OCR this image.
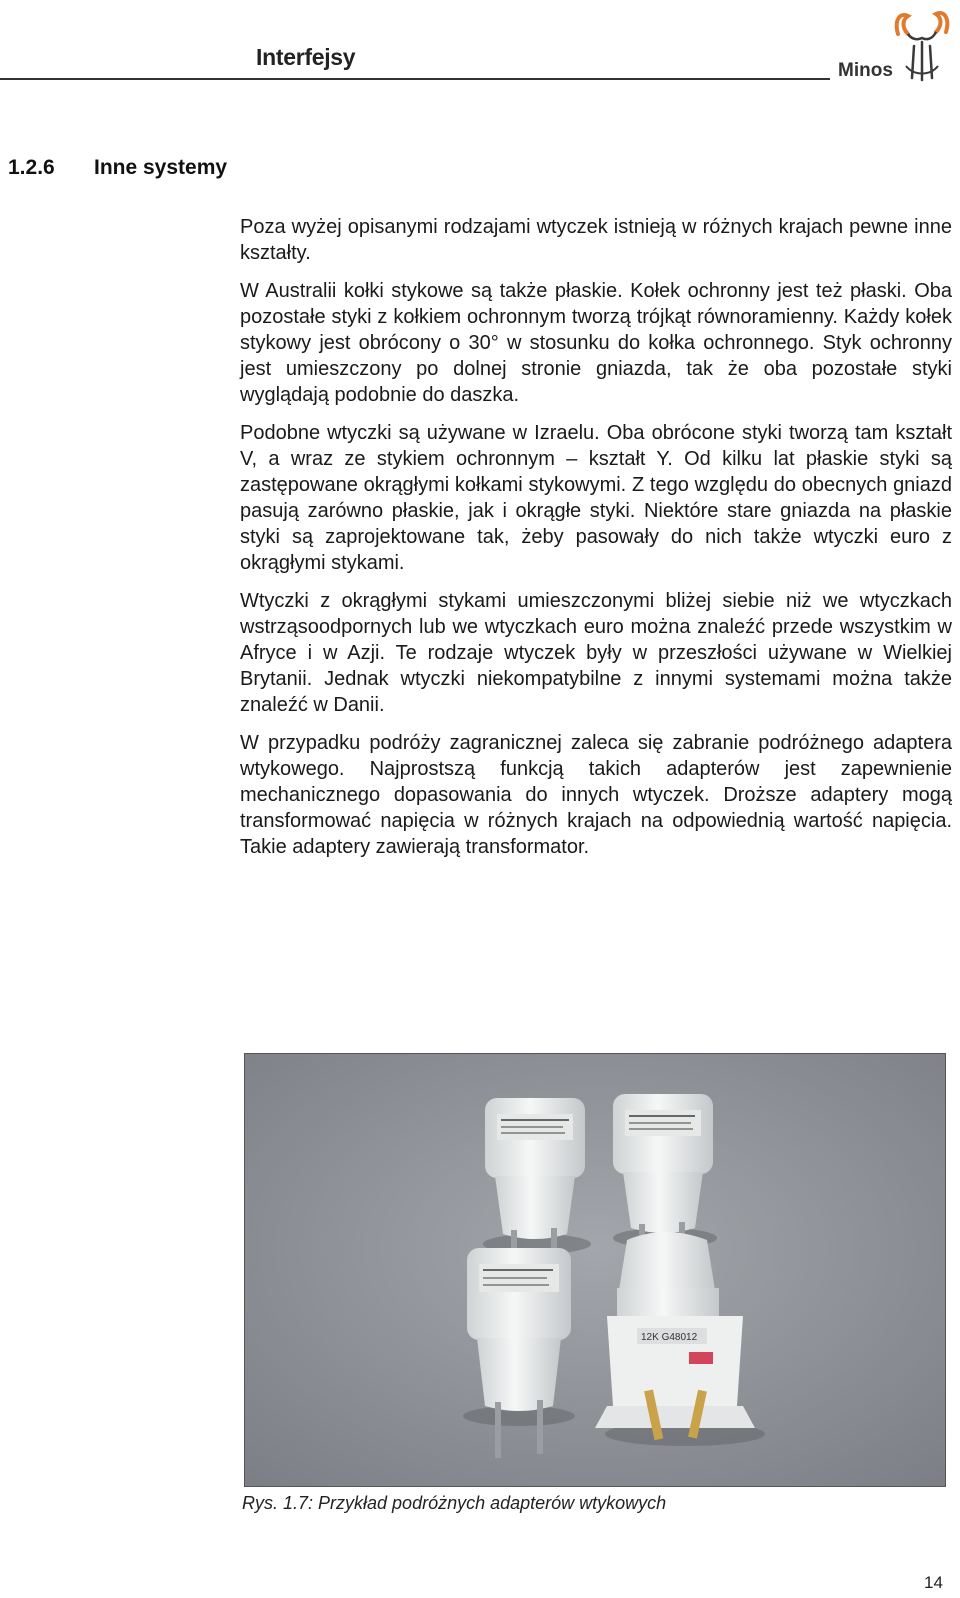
Interfejsy
Minos
1.2.6 Inne systemy

Poza wyżej opisanymi rodzajami wtyczek istnieją w różnych krajach pewne inne kształty.

W Australii kołki stykowe są także płaskie. Kołek ochronny jest też płaski. Oba pozostałe styki z kołkiem ochronnym tworzą trójkąt równoramienny. Każdy kołek stykowy jest obrócony o 30° w stosunku do kołka ochronnego. Styk ochronny jest umieszczony po dolnej stronie gniazda, tak że oba pozostałe styki wyglądają podobnie do daszka.

Podobne wtyczki są używane w Izraelu. Oba obrócone styki tworzą tam kształt V, a wraz ze stykiem ochronnym – kształt Y. Od kilku lat płaskie styki są zastępowane okrągłymi kołkami stykowymi. Z tego względu do obecnych gniazd pasują zarówno płaskie, jak i okrągłe styki. Niektóre stare gniazda na płaskie styki są zaprojektowane tak, żeby pasowały do nich także wtyczki euro z okrągłymi stykami.

Wtyczki z okrągłymi stykami umieszczonymi bliżej siebie niż we wtyczkach wstrząsoodpornych lub we wtyczkach euro można znaleźć przede wszystkim w Afryce i w Azji. Te rodzaje wtyczek były w przeszłości używane w Wielkiej Brytanii. Jednak wtyczki niekompatybilne z innymi systemami można także znaleźć w Danii.

W przypadku podróży zagranicznej zaleca się zabranie podróżnego adaptera wtykowego. Najprostszą funkcją takich adapterów jest zapewnienie mechanicznego dopasowania do innych wtyczek. Droższe adaptery mogą transformować napięcia w różnych krajach na odpowiednią wartość napięcia. Takie adaptery zawierają transformator.

12K G48012
Rys. 1.7: Przykład podróżnych adapterów wtykowych
14
